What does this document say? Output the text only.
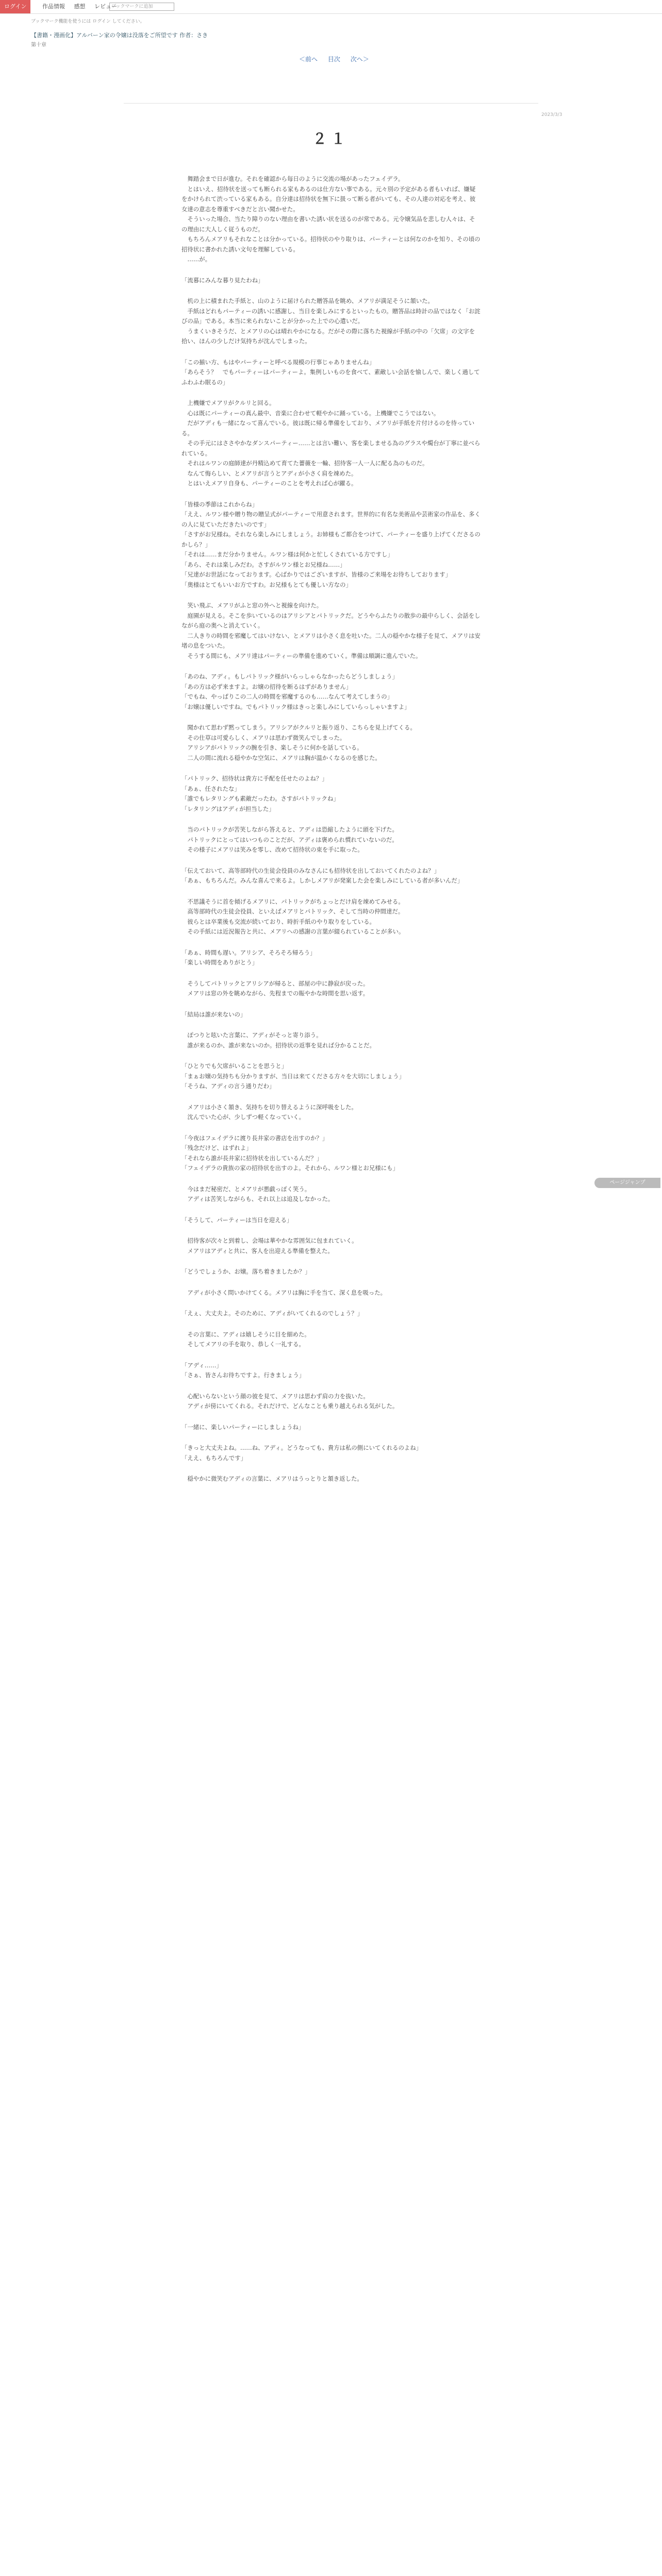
ログイン	作品情報 感想 レビュー
ブックマークに追加
ブックマーク機能を使うには ログイン してください。
【書籍・漫画化】アルバーン家の令嬢は没落をご所望です 作者：さき
第十章
＜前へ 目次 次へ＞
2023/3/3
２１

　舞踏会まで日が進む。それを確認から毎日のように交流の場があったフェイデラ。

　とはいえ、招待状を送っても断られる家もあるのは仕方ない事である。元々別の予定がある者もいれば、嫌疑をかけられて渋っている家もある。自分達は招待状を無下に扱って断る者がいても、その人達の対応を考え、彼女達の意志を尊重すべきだと言い聞かせた。

　そういった場合、当たり障りのない理由を書いた誘い状を送るのが常である。元令嬢気品を悲しむ人々は、その理由に大人しく従うものだ。

　もちろんメアリもそれなことは分かっている。招待状のやり取りは、パーティーとは何なのかを知り、その頃の招待状に書かれた誘い文句を理解している。

　……が。

「流暮にみんな暮り見たわね」

　机の上に積まれた手紙と、山のように届けられた贈答品を眺め、メアリが満足そうに頷いた。

　手紙はどれもパーティーの誘いに感謝し、当日を楽しみにするといったもの。贈答品は時計の品ではなく「お詫びの品」である。本当に来られないことが分かった上での心遣いだ。

　うまくいきそうだ、とメアリの心は晴れやかになる。だがその際に落ちた視線が手紙の中の「欠席」の文字を拾い、ほんの少しだけ気持ちが沈んでしまった。

「この揃い方、もはやパーティーと呼べる規模の行事じゃありませんね」

「あらそう？　でもパーティーはパーティーよ。集例しいものを食べて、素敵しい会話を愉しんで、楽しく過してふわふわ眠るの」

　上機嫌でメアリがクルリと回る。

　心は既にパーティーの真ん最中、音楽に合わせて軽やかに踊っている。上機嫌でこうではない。

　だがアディも一緒になって喜んでいる。彼は既に帰る準備をしており、メアリが手紙を片付けるのを待っている。

　その手元にはささやかなダンスパーティー……とは言い難い、客を楽しませる為のグラスや燭台が丁寧に並べられている。

　それはルワンの庭師達が丹精込めて育てた薔薇を一輪、招待客一人一人に配る為のものだ。

　なんて悔らしい、とメアリが言うとアディが小さく肩を竦めた。

　とはいえメアリ自身も、パーティーのことを考えれば心が躍る。

「皆様の季節はこれからね」

「ええ、ルワン様や贈り物の贈呈式がパーティーで用意されます。世界的に有名な美術品や芸術家の作品を、多くの人に見ていただきたいのです」

「さすがお兄様ね。それなら楽しみにしましょう。お姉様もご都合をつけて、パーティーを盛り上げてくださるのかしら？」

「それは……まだ分かりません。ルワン様は何かと忙しくされている方ですし」

「あら、それは楽しみだわ。さすがルワン様とお兄様ね……」

「兄達がお世話になっております。心ばかりではございますが、皆様のご来場をお待ちしております」

「奥様はとてもいいお方ですわ。お兄様もとても優しい方なの」

　笑い飛ぶ、メアリがふと窓の外へと視線を向けた。

　庭園が見える。そこを歩いているのはアリシアとパトリックだ。どうやらふたりの散歩の最中らしく、会話をしながら庭の奥へと消えていく。

　二人きりの時間を邪魔してはいけない、とメアリは小さく息を吐いた。二人の穏やかな様子を見て、メアリは安堵の息をついた。

　そうする間にも、メアリ達はパーティーの準備を進めていく。準備は順調に進んでいた。

「あのね、アディ。もしパトリック様がいらっしゃらなかったらどうしましょう」

「あの方は必ず来ますよ。お嬢の招待を断るはずがありません」

「でもね、やっぱりこの二人の時間を邪魔するのも……なんて考えてしまうの」

「お嬢は優しいですね。でもパトリック様はきっと楽しみにしていらっしゃいますよ」

　聞かれて思わず黙ってしまう。アリシアがクルリと振り返り、こちらを見上げてくる。

　その仕草は可愛らしく、メアリは思わず微笑んでしまった。

　アリシアがパトリックの腕を引き、楽しそうに何かを話している。

　二人の間に流れる穏やかな空気に、メアリは胸が温かくなるのを感じた。

「パトリック、招待状は貴方に手配を任せたのよね？」

「あぁ、任されたな」

「誰でもレタリングも素敵だったわ。さすがパトリックね」

「レタリングはアディが担当した」

　当のパトリックが苦笑しながら答えると、アディは恐縮したように頭を下げた。

　パトリックにとってはいつものことだが、アディは褒められ慣れていないのだ。

　その様子にメアリは笑みを零し、改めて招待状の束を手に取った。

「伝えておいて、高等部時代の生徒会役員のみなさんにも招待状を出しておいてくれたのよね？」

「あぁ、もちろんだ。みんな喜んで来るよ。しかしメアリが発案した会を楽しみにしている者が多いんだ」

　不思議そうに首を傾げるメアリに、パトリックがちょっとだけ肩を竦めてみせる。

　高等部時代の生徒会役員、といえばメアリとパトリック、そして当時の仲間達だ。

　彼らとは卒業後も交流が続いており、時折手紙のやり取りをしている。

　その手紙には近況報告と共に、メアリへの感謝の言葉が綴られていることが多い。

「あぁ、時間も遅い。アリシア、そろそろ帰ろう」

「楽しい時間をありがとう」

　そうしてパトリックとアリシアが帰ると、部屋の中に静寂が戻った。

　メアリは窓の外を眺めながら、先程までの賑やかな時間を思い返す。

「結局は誰が来ないの」

　ぽつりと呟いた言葉に、アディがそっと寄り添う。

　誰が来るのか、誰が来ないのか。招待状の返事を見れば分かることだ。

「ひとりでも欠席がいることを思うと」

「まぁお嬢の気持ちも分かりますが、当日は来てくださる方々を大切にしましょう」

「そうね、アディの言う通りだわ」

　メアリは小さく頷き、気持ちを切り替えるように深呼吸をした。

　沈んでいた心が、少しずつ軽くなっていく。

「今夜はフェイデラに渡り長井家の書店を出すのか？」

「残念だけど、はずれよ」

「それなら誰が長井家に招待状を出しているんだ？」

「フェイデラの貴族の家の招待状を出すのよ。それから、ルワン様とお兄様にも」

　今はまだ秘密だ、とメアリが悪戯っぽく笑う。

　アディは苦笑しながらも、それ以上は追及しなかった。

「そうして、パーティーは当日を迎える」

　招待客が次々と到着し、会場は華やかな雰囲気に包まれていく。

　メアリはアディと共に、客人を出迎える準備を整えた。

「どうでしょうか、お嬢。落ち着きましたか？」

　アディが小さく問いかけてくる。メアリは胸に手を当て、深く息を吸った。

「えぇ、大丈夫よ。そのために、アディがいてくれるのでしょう？」

　その言葉に、アディは嬉しそうに目を細めた。

　そしてメアリの手を取り、恭しく一礼する。

「アディ……」

「さぁ、皆さんお待ちですよ。行きましょう」

　心配いらないという顔の彼を見て、メアリは思わず肩の力を抜いた。

　アディが傍にいてくれる。それだけで、どんなことも乗り越えられる気がした。

「一緒に、楽しいパーティーにしましょうね」

「きっと大丈夫よね。……ね、アディ。どうなっても、貴方は私の側にいてくれるのよね」

「ええ、もちろんです」

　穏やかに微笑むアディの言葉に、メアリはうっとりと頷き返した。

ページジャンプ
